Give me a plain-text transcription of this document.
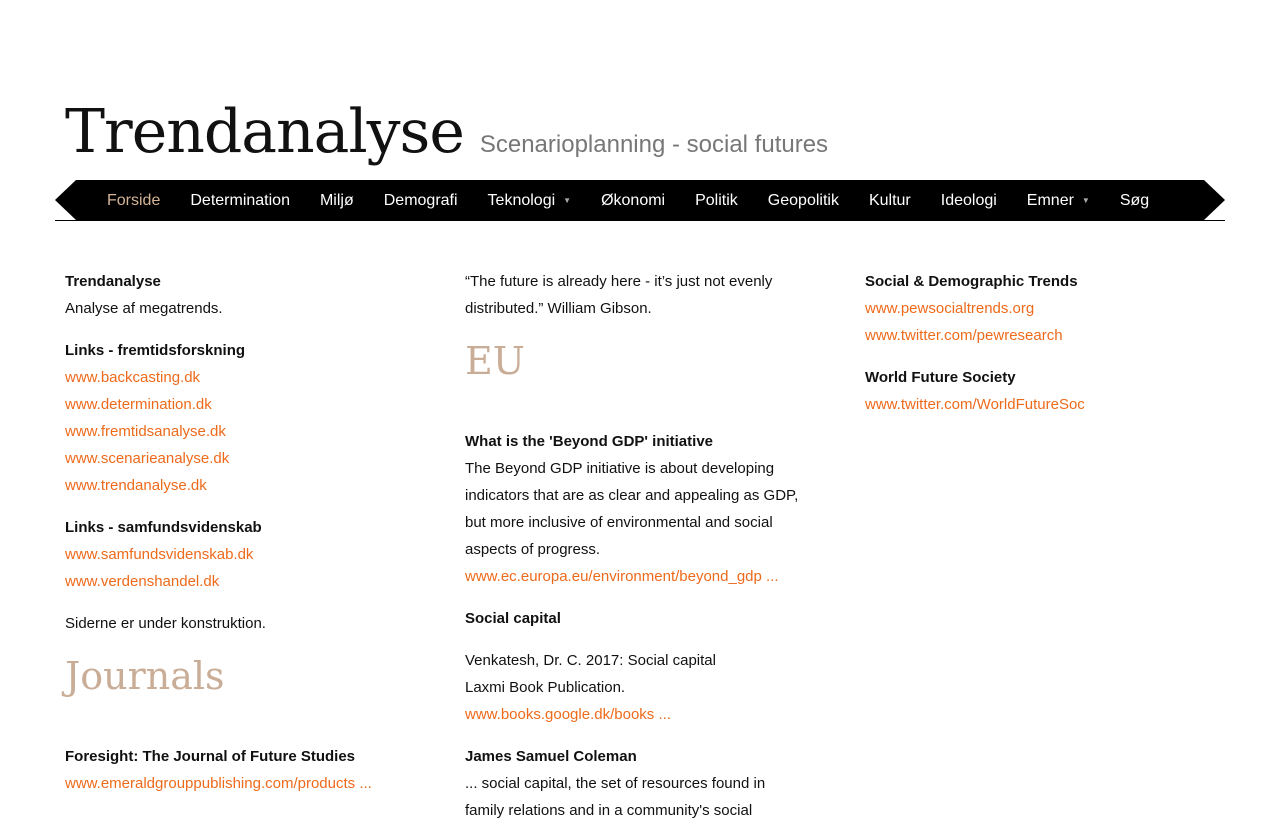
Trendanalyse Scenarioplanning - social futures
Forside Determination Miljø Demografi Teknologi ▼ Økonomi Politik Geopolitik Kultur Ideologi Emner ▼ Søg
Trendanalyse
Analyse af megatrends.
Links - fremtidsforskning
www.backcasting.dk
www.determination.dk
www.fremtidsanalyse.dk
www.scenarieanalyse.dk
www.trendanalyse.dk
Links - samfundsvidenskab
www.samfundsvidenskab.dk
www.verdenshandel.dk
Siderne er under konstruktion.
Journals
Foresight: The Journal of Future Studies
www.emeraldgrouppublishing.com/products ...
“The future is already here - it’s just not evenly
distributed.” William Gibson.
EU
What is the 'Beyond GDP' initiative
The Beyond GDP initiative is about developing
indicators that are as clear and appealing as GDP,
but more inclusive of environmental and social
aspects of progress.
www.ec.europa.eu/environment/beyond_gdp ...
Social capital
Venkatesh, Dr. C. 2017: Social capital
Laxmi Book Publication.
www.books.google.dk/books ...
James Samuel Coleman
... social capital, the set of resources found in
family relations and in a community's social
Social & Demographic Trends
www.pewsocialtrends.org
www.twitter.com/pewresearch
World Future Society
www.twitter.com/WorldFutureSoc
